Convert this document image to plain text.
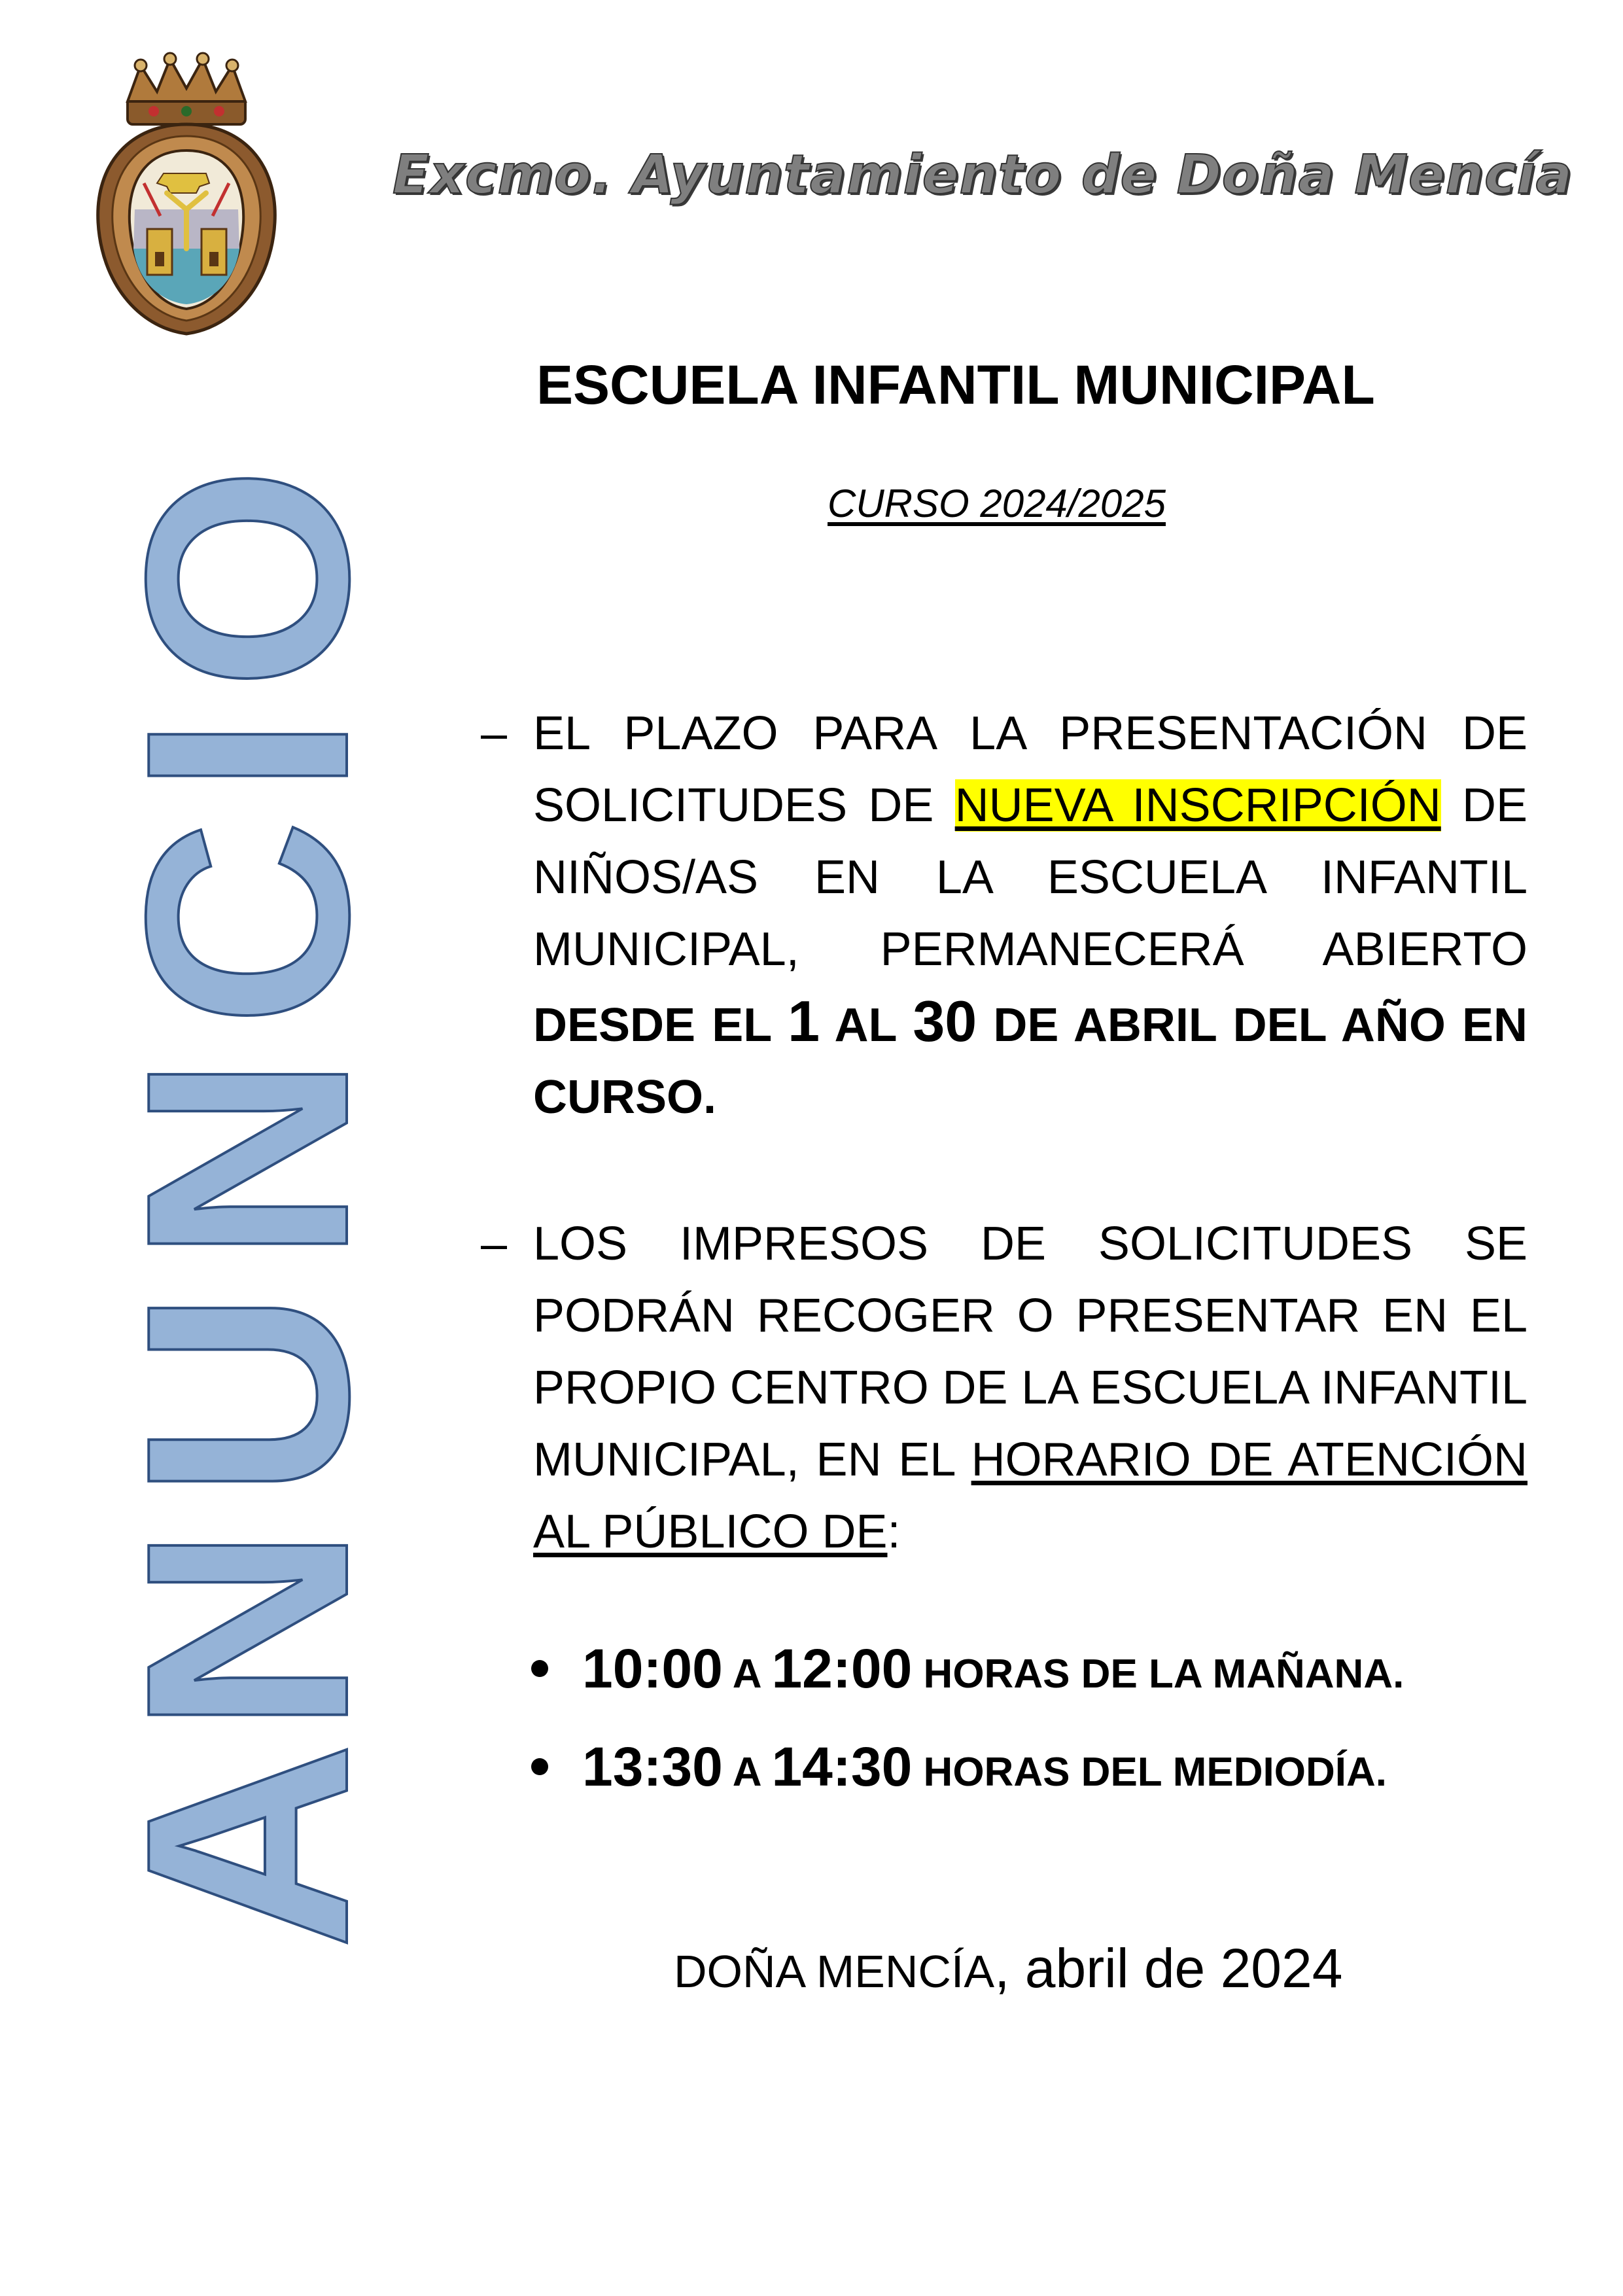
Excmo. Ayuntamiento de Doña Mencía
ESCUELA INFANTIL MUNICIPAL
CURSO 2024/2025
A
N
U
N
C
I
O
– EL PLAZO PARA LA PRESENTACIÓN DE SOLICITUDES DE NUEVA INSCRIPCIÓN DE NIÑOS/AS EN LA ESCUELA INFANTIL MUNICIPAL, PERMANECERÁ ABIERTO DESDE EL 1 AL 30 DE ABRIL DEL AÑO EN CURSO.
– LOS IMPRESOS DE SOLICITUDES SE PODRÁN RECOGER O PRESENTAR EN EL PROPIO CENTRO DE LA ESCUELA INFANTIL MUNICIPAL, EN EL HORARIO DE ATENCIÓN AL PÚBLICO DE:
10:00 A 12:00 HORAS DE LA MAÑANA.
13:30 A 14:30 HORAS DEL MEDIODÍA.
DOÑA MENCÍA, abril de 2024
